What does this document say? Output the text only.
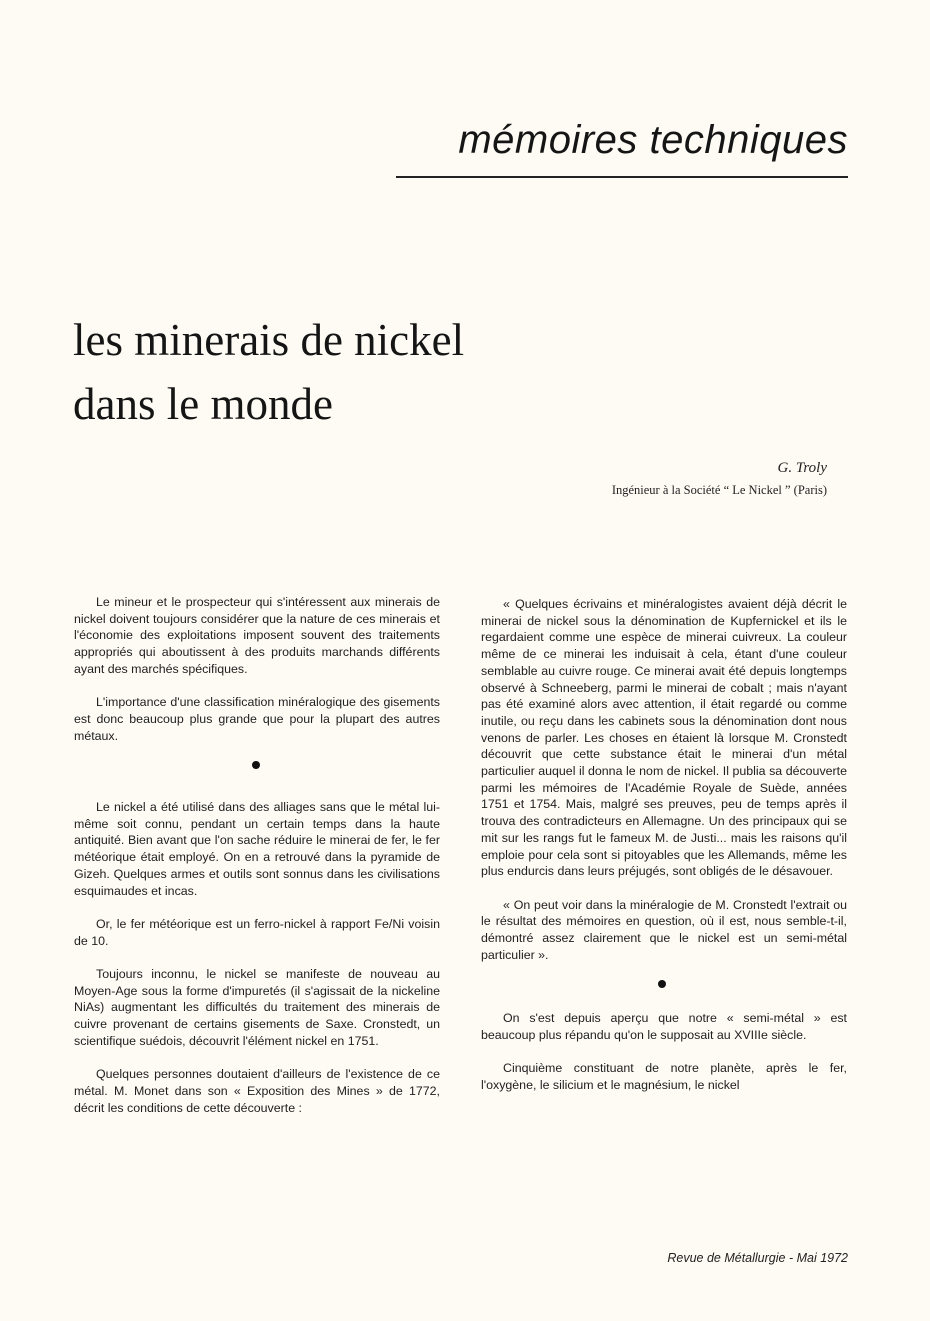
mémoires techniques
les minerais de nickel
dans le monde
G. Troly
Ingénieur à la Société “ Le Nickel ” (Paris)

Le mineur et le prospecteur qui s'intéressent aux minerais de nickel doivent toujours considérer que la nature de ces minerais et l'économie des exploitations imposent souvent des traitements appropriés qui aboutissent à des produits marchands différents ayant des marchés spécifiques.

L'importance d'une classification minéralogique des gisements est donc beaucoup plus grande que pour la plupart des autres métaux.

Le nickel a été utilisé dans des alliages sans que le métal lui-même soit connu, pendant un certain temps dans la haute antiquité. Bien avant que l'on sache réduire le minerai de fer, le fer météorique était employé. On en a retrouvé dans la pyramide de Gizeh. Quelques armes et outils sont sonnus dans les civilisations esquimaudes et incas.

Or, le fer météorique est un ferro-nickel à rapport Fe/Ni voisin de 10.

Toujours inconnu, le nickel se manifeste de nouveau au Moyen-Age sous la forme d'impuretés (il s'agissait de la nickeline NiAs) augmentant les difficultés du traitement des minerais de cuivre provenant de certains gisements de Saxe. Cronstedt, un scientifique suédois, découvrit l'élément nickel en 1751.

Quelques personnes doutaient d'ailleurs de l'existence de ce métal. M. Monet dans son « Exposition des Mines » de 1772, décrit les conditions de cette découverte :

« Quelques écrivains et minéralogistes avaient déjà décrit le minerai de nickel sous la dénomination de Kupfernickel et ils le regardaient comme une espèce de minerai cuivreux. La couleur même de ce minerai les induisait à cela, étant d'une couleur semblable au cuivre rouge. Ce minerai avait été depuis longtemps observé à Schneeberg, parmi le minerai de cobalt ; mais n'ayant pas été examiné alors avec attention, il était regardé ou comme inutile, ou reçu dans les cabinets sous la dénomination dont nous venons de parler. Les choses en étaient là lorsque M. Cronstedt découvrit que cette substance était le minerai d'un métal particulier auquel il donna le nom de nickel. Il publia sa découverte parmi les mémoires de l'Académie Royale de Suède, années 1751 et 1754. Mais, malgré ses preuves, peu de temps après il trouva des contradicteurs en Allemagne. Un des principaux qui se mit sur les rangs fut le fameux M. de Justi... mais les raisons qu'il emploie pour cela sont si pitoyables que les Allemands, même les plus endurcis dans leurs préjugés, sont obligés de le désavouer.

« On peut voir dans la minéralogie de M. Cronstedt l'extrait ou le résultat des mémoires en question, où il est, nous semble-t-il, démontré assez clairement que le nickel est un semi-métal particulier ».

On s'est depuis aperçu que notre « semi-métal » est beaucoup plus répandu qu'on le supposait au XVIIIe siècle.

Cinquième constituant de notre planète, après le fer, l'oxygène, le silicium et le magnésium, le nickel

Revue de Métallurgie - Mai 1972
